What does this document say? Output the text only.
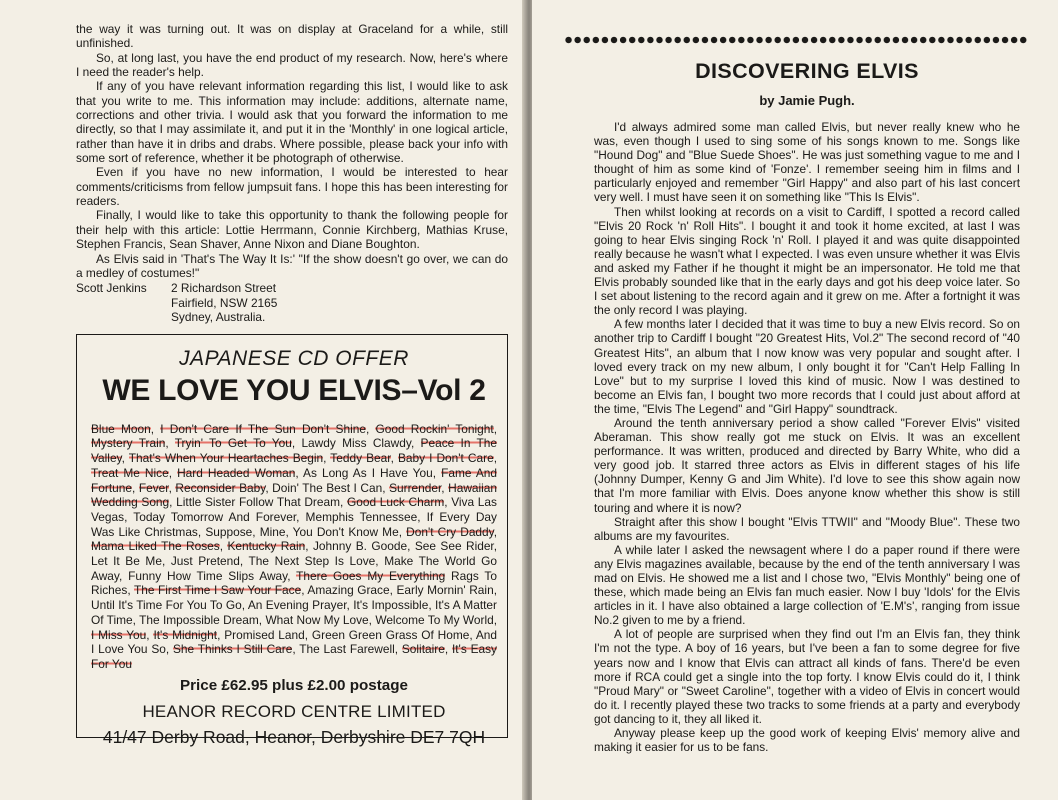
the way it was turning out. It was on display at Graceland for a while, still unfinished.

So, at long last, you have the end product of my research. Now, here's where I need the reader's help.

If any of you have relevant information regarding this list, I would like to ask that you write to me. This information may include: additions, alternate name, corrections and other trivia. I would ask that you forward the information to me directly, so that I may assimilate it, and put it in the 'Monthly' in one logical article, rather than have it in dribs and drabs. Where possible, please back your info with some sort of reference, whether it be photograph of otherwise.

Even if you have no new information, I would be interested to hear comments/criticisms from fellow jumpsuit fans. I hope this has been interesting for readers.

Finally, I would like to take this opportunity to thank the following people for their help with this article: Lottie Herrmann, Connie Kirchberg, Mathias Kruse, Stephen Francis, Sean Shaver, Anne Nixon and Diane Boughton.

As Elvis said in 'That's The Way It Is:' "If the show doesn't go over, we can do a medley of costumes!"

Scott Jenkins	2 Richardson Street
Fairfield, NSW 2165
Sydney, Australia.
JAPANESE CD OFFER
WE LOVE YOU ELVIS–Vol 2
Blue Moon, I Don't Care If The Sun Don't Shine, Good Rockin' Tonight, Mystery Train, Tryin' To Get To You, Lawdy Miss Clawdy, Peace In The Valley, That's When Your Heartaches Begin, Teddy Bear, Baby I Don't Care, Treat Me Nice, Hard Headed Woman, As Long As I Have You, Fame And Fortune, Fever, Reconsider Baby, Doin' The Best I Can, Surrender, Hawaiian Wedding Song, Little Sister Follow That Dream, Good Luck Charm, Viva Las Vegas, Today Tomorrow And Forever, Memphis Tennessee, If Every Day Was Like Christmas, Suppose, Mine, You Don't Know Me, Don't Cry Daddy, Mama Liked The Roses, Kentucky Rain, Johnny B. Goode, See See Rider, Let It Be Me, Just Pretend, The Next Step Is Love, Make The World Go Away, Funny How Time Slips Away, There Goes My Everything Rags To Riches, The First Time I Saw Your Face, Amazing Grace, Early Mornin' Rain, Until It's Time For You To Go, An Evening Prayer, It's Impossible, It's A Matter Of Time, The Impossible Dream, What Now My Love, Welcome To My World, I Miss You, It's Midnight, Promised Land, Green Green Grass Of Home, And I Love You So, She Thinks I Still Care, The Last Farewell, Solitaire, It's Easy For You
Price £62.95 plus £2.00 postage
HEANOR RECORD CENTRE LIMITED
41/47 Derby Road, Heanor, Derbyshire DE7 7QH
DISCOVERING ELVIS
by Jamie Pugh.

I'd always admired some man called Elvis, but never really knew who he was, even though I used to sing some of his songs known to me. Songs like "Hound Dog" and "Blue Suede Shoes". He was just something vague to me and I thought of him as some kind of 'Fonze'. I remember seeing him in films and I particularly enjoyed and remember "Girl Happy" and also part of his last concert very well. I must have seen it on something like "This Is Elvis".

Then whilst looking at records on a visit to Cardiff, I spotted a record called "Elvis 20 Rock 'n' Roll Hits". I bought it and took it home excited, at last I was going to hear Elvis singing Rock 'n' Roll. I played it and was quite disappointed really because he wasn't what I expected. I was even unsure whether it was Elvis and asked my Father if he thought it might be an impersonator. He told me that Elvis probably sounded like that in the early days and got his deep voice later. So I set about listening to the record again and it grew on me. After a fortnight it was the only record I was playing.

A few months later I decided that it was time to buy a new Elvis record. So on another trip to Cardiff I bought "20 Greatest Hits, Vol.2" The second record of "40 Greatest Hits", an album that I now know was very popular and sought after. I loved every track on my new album, I only bought it for "Can't Help Falling In Love" but to my surprise I loved this kind of music. Now I was destined to become an Elvis fan, I bought two more records that I could just about afford at the time, "Elvis The Legend" and "Girl Happy" soundtrack.

Around the tenth anniversary period a show called "Forever Elvis" visited Aberaman. This show really got me stuck on Elvis. It was an excellent performance. It was written, produced and directed by Barry White, who did a very good job. It starred three actors as Elvis in different stages of his life (Johnny Dumper, Kenny G and Jim White). I'd love to see this show again now that I'm more familiar with Elvis. Does anyone know whether this show is still touring and where it is now?

Straight after this show I bought "Elvis TTWII" and "Moody Blue". These two albums are my favourites.

A while later I asked the newsagent where I do a paper round if there were any Elvis magazines available, because by the end of the tenth anniversary I was mad on Elvis. He showed me a list and I chose two, "Elvis Monthly" being one of these, which made being an Elvis fan much easier. Now I buy 'Idols' for the Elvis articles in it. I have also obtained a large collection of 'E.M's', ranging from issue No.2 given to me by a friend.

A lot of people are surprised when they find out I'm an Elvis fan, they think I'm not the type. A boy of 16 years, but I've been a fan to some degree for five years now and I know that Elvis can attract all kinds of fans. There'd be even more if RCA could get a single into the top forty. I know Elvis could do it, I think "Proud Mary" or "Sweet Caroline", together with a video of Elvis in concert would do it. I recently played these two tracks to some friends at a party and everybody got dancing to it, they all liked it.

Anyway please keep up the good work of keeping Elvis' memory alive and making it easier for us to be fans.
